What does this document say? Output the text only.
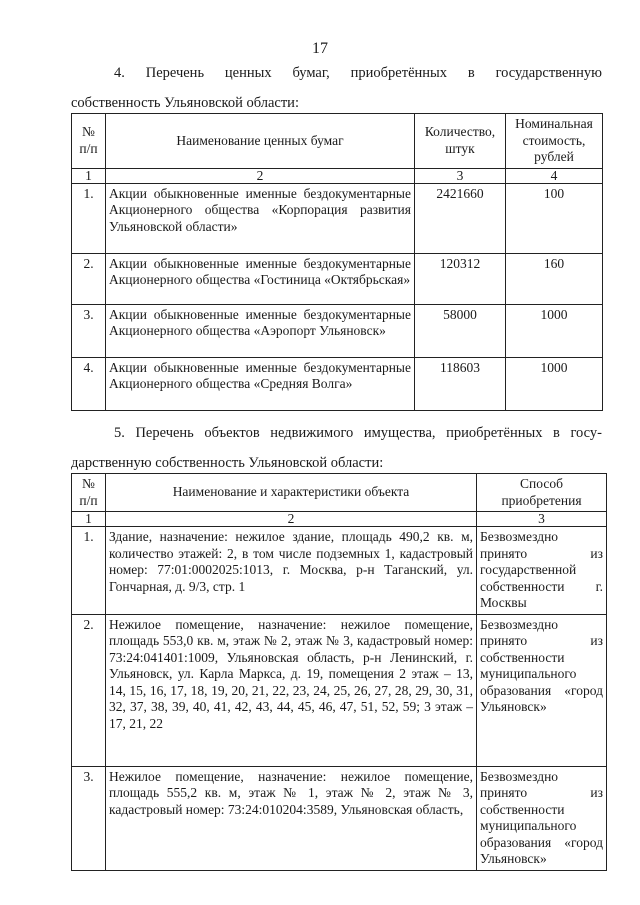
17
4. Перечень ценных бумаг, приобретённых в государственную
собственность Ульяновской области:
№ п/п	Наименование ценных бумаг	Количество, штук	Номинальная стоимость, рублей
1	2	3	4
1.	Акции обыкновенные именные бездокументарные Акционерного общества «Корпорация развития Ульяновской области»	2421660	100
2.	Акции обыкновенные именные бездокументарные Акционерного общества «Гостиница «Октябрьская»	120312	160
3.	Акции обыкновенные именные бездокументарные Акционерного общества «Аэропорт Ульяновск»	58000	1000
4.	Акции обыкновенные именные бездокументарные Акционерного общества «Средняя Волга»	118603	1000
5. Перечень объектов недвижимого имущества, приобретённых в госу-
дарственную собственность Ульяновской области:
№ п/п	Наименование и характеристики объекта	Способ приобретения
1	2	3
1.	Здание, назначение: нежилое здание, площадь 490,2 кв. м, количество этажей: 2, в том числе подземных 1, кадастровый номер: 77:01:0002025:1013, г. Москва, р-н Таганский, ул. Гончарная, д. 9/3, стр. 1	Безвозмездно принято из государственной собственности г. Москвы
2.	Нежилое помещение, назначение: нежилое помещение, площадь 553,0 кв. м, этаж № 2, этаж № 3, кадастровый номер: 73:24:041401:1009, Ульяновская область, р-н Ленинский, г. Ульяновск, ул. Карла Маркса, д. 19, помещения 2 этаж – 13, 14, 15, 16, 17, 18, 19, 20, 21, 22, 23, 24, 25, 26, 27, 28, 29, 30, 31, 32, 37, 38, 39, 40, 41, 42, 43, 44, 45, 46, 47, 51, 52, 59; 3 этаж – 17, 21, 22	Безвозмездно принято из собственности муниципального образования «город Ульяновск»
3.	Нежилое помещение, назначение: нежилое помещение, площадь 555,2 кв. м, этаж № 1, этаж № 2, этаж № 3, кадастровый номер: 73:24:010204:3589, Ульяновская область,	Безвозмездно принято из собственности муниципального образования «город Ульяновск»
